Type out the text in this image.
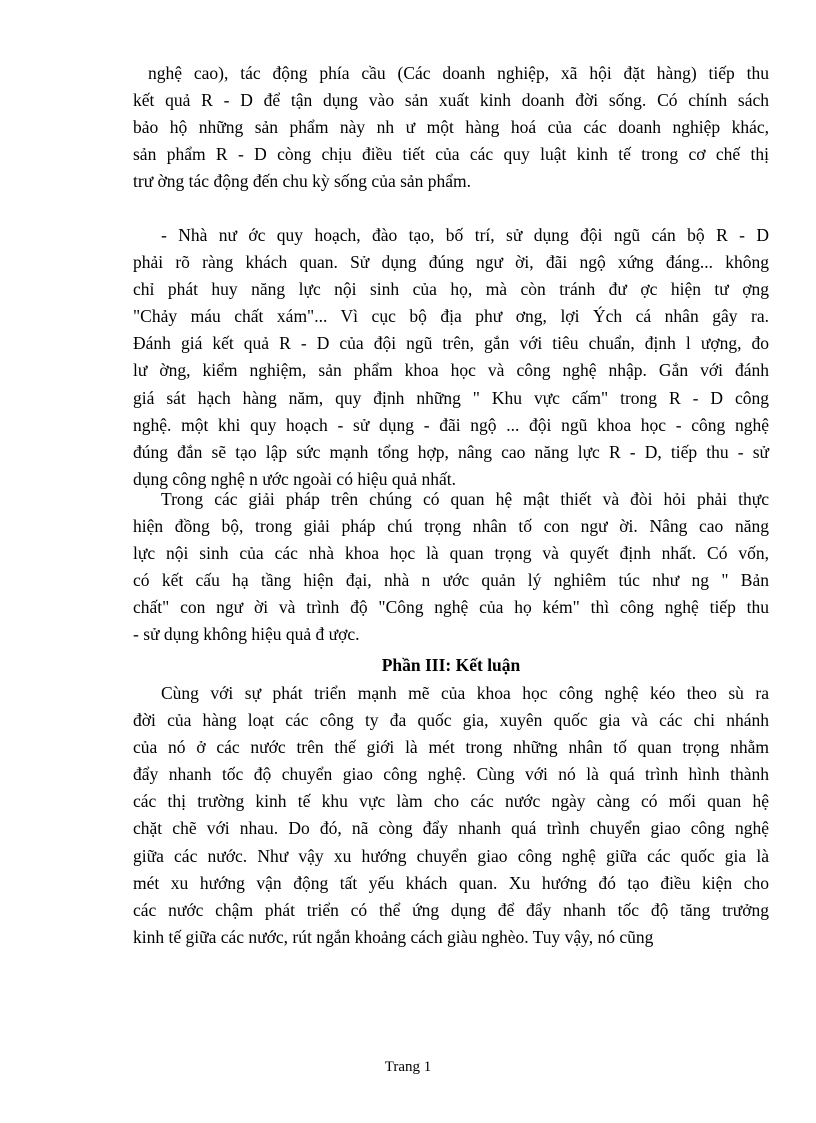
nghệ cao), tác động phía cầu (Các doanh nghiệp, xã hội đặt hàng) tiếp thu
kết quả R - D để tận dụng vào sản xuất kinh doanh đời sống. Có chính sách
bảo hộ những sản phẩm này nh ư một hàng hoá của các doanh nghiệp khác,
sản phẩm R - D còng chịu điều tiết của các quy luật kinh tế trong cơ chế thị
trư ờng tác động đến chu kỳ sống của sản phẩm.
- Nhà nư ớc quy hoạch, đào tạo, bố trí, sử dụng đội ngũ cán bộ R - D
phải rõ ràng khách quan. Sử dụng đúng ngư ời, đãi ngộ xứng đáng... không
chỉ phát huy năng lực nội sinh của họ, mà còn tránh đư ợc hiện tư ợng
"Chảy máu chất xám"... Vì cục bộ địa phư ơng, lợi Ých cá nhân gây ra.
Đánh giá kết quả R - D của đội ngũ trên, gắn với tiêu chuẩn, định l ượng, đo
lư ờng, kiểm nghiệm, sản phẩm khoa học và công nghệ nhập. Gắn với đánh
giá sát hạch hàng năm, quy định những " Khu vực cấm" trong R - D công
nghệ. một khi quy hoạch - sử dụng - đãi ngộ ... đội ngũ khoa học - công nghệ
đúng đắn sẽ tạo lập sức mạnh tổng hợp, nâng cao năng lực R - D, tiếp thu - sử
dụng công nghệ n ước ngoài có hiệu quả nhất.
Trong các giải pháp trên chúng có quan hệ mật thiết và đòi hỏi phải thực
hiện đồng bộ, trong giải pháp chú trọng nhân tố con ngư ời. Nâng cao năng
lực nội sinh của các nhà khoa học là quan trọng và quyết định nhất. Có vốn,
có kết cấu hạ tầng hiện đại, nhà n ước quản lý nghiêm túc như ng " Bản
chất" con ngư ời và trình độ "Công nghệ của họ kém" thì công nghệ tiếp thu
- sử dụng không hiệu quả đ ược.
Phần III: Kết luận
Cùng với sự phát triển mạnh mẽ của khoa học công nghệ kéo theo sù ra
đời của hàng loạt các công ty đa quốc gia, xuyên quốc gia và các chi nhánh
của nó ở các nước trên thế giới là mét trong những nhân tố quan trọng nhằm
đẩy nhanh tốc độ chuyển giao công nghệ. Cùng với nó là quá trình hình thành
các thị trường kinh tế khu vực làm cho các nước ngày càng có mối quan hệ
chặt chẽ với nhau. Do đó, nã còng đẩy nhanh quá trình chuyển giao công nghệ
giữa các nước. Như vậy xu hướng chuyển giao công nghệ giữa các quốc gia là
mét xu hướng vận động tất yếu khách quan. Xu hướng đó tạo điều kiện cho
các nước chậm phát triển có thể ứng dụng để đẩy nhanh tốc độ tăng trưởng
kinh tế giữa các nước, rút ngắn khoảng cách giàu nghèo. Tuy vậy, nó cũng
Trang 1
